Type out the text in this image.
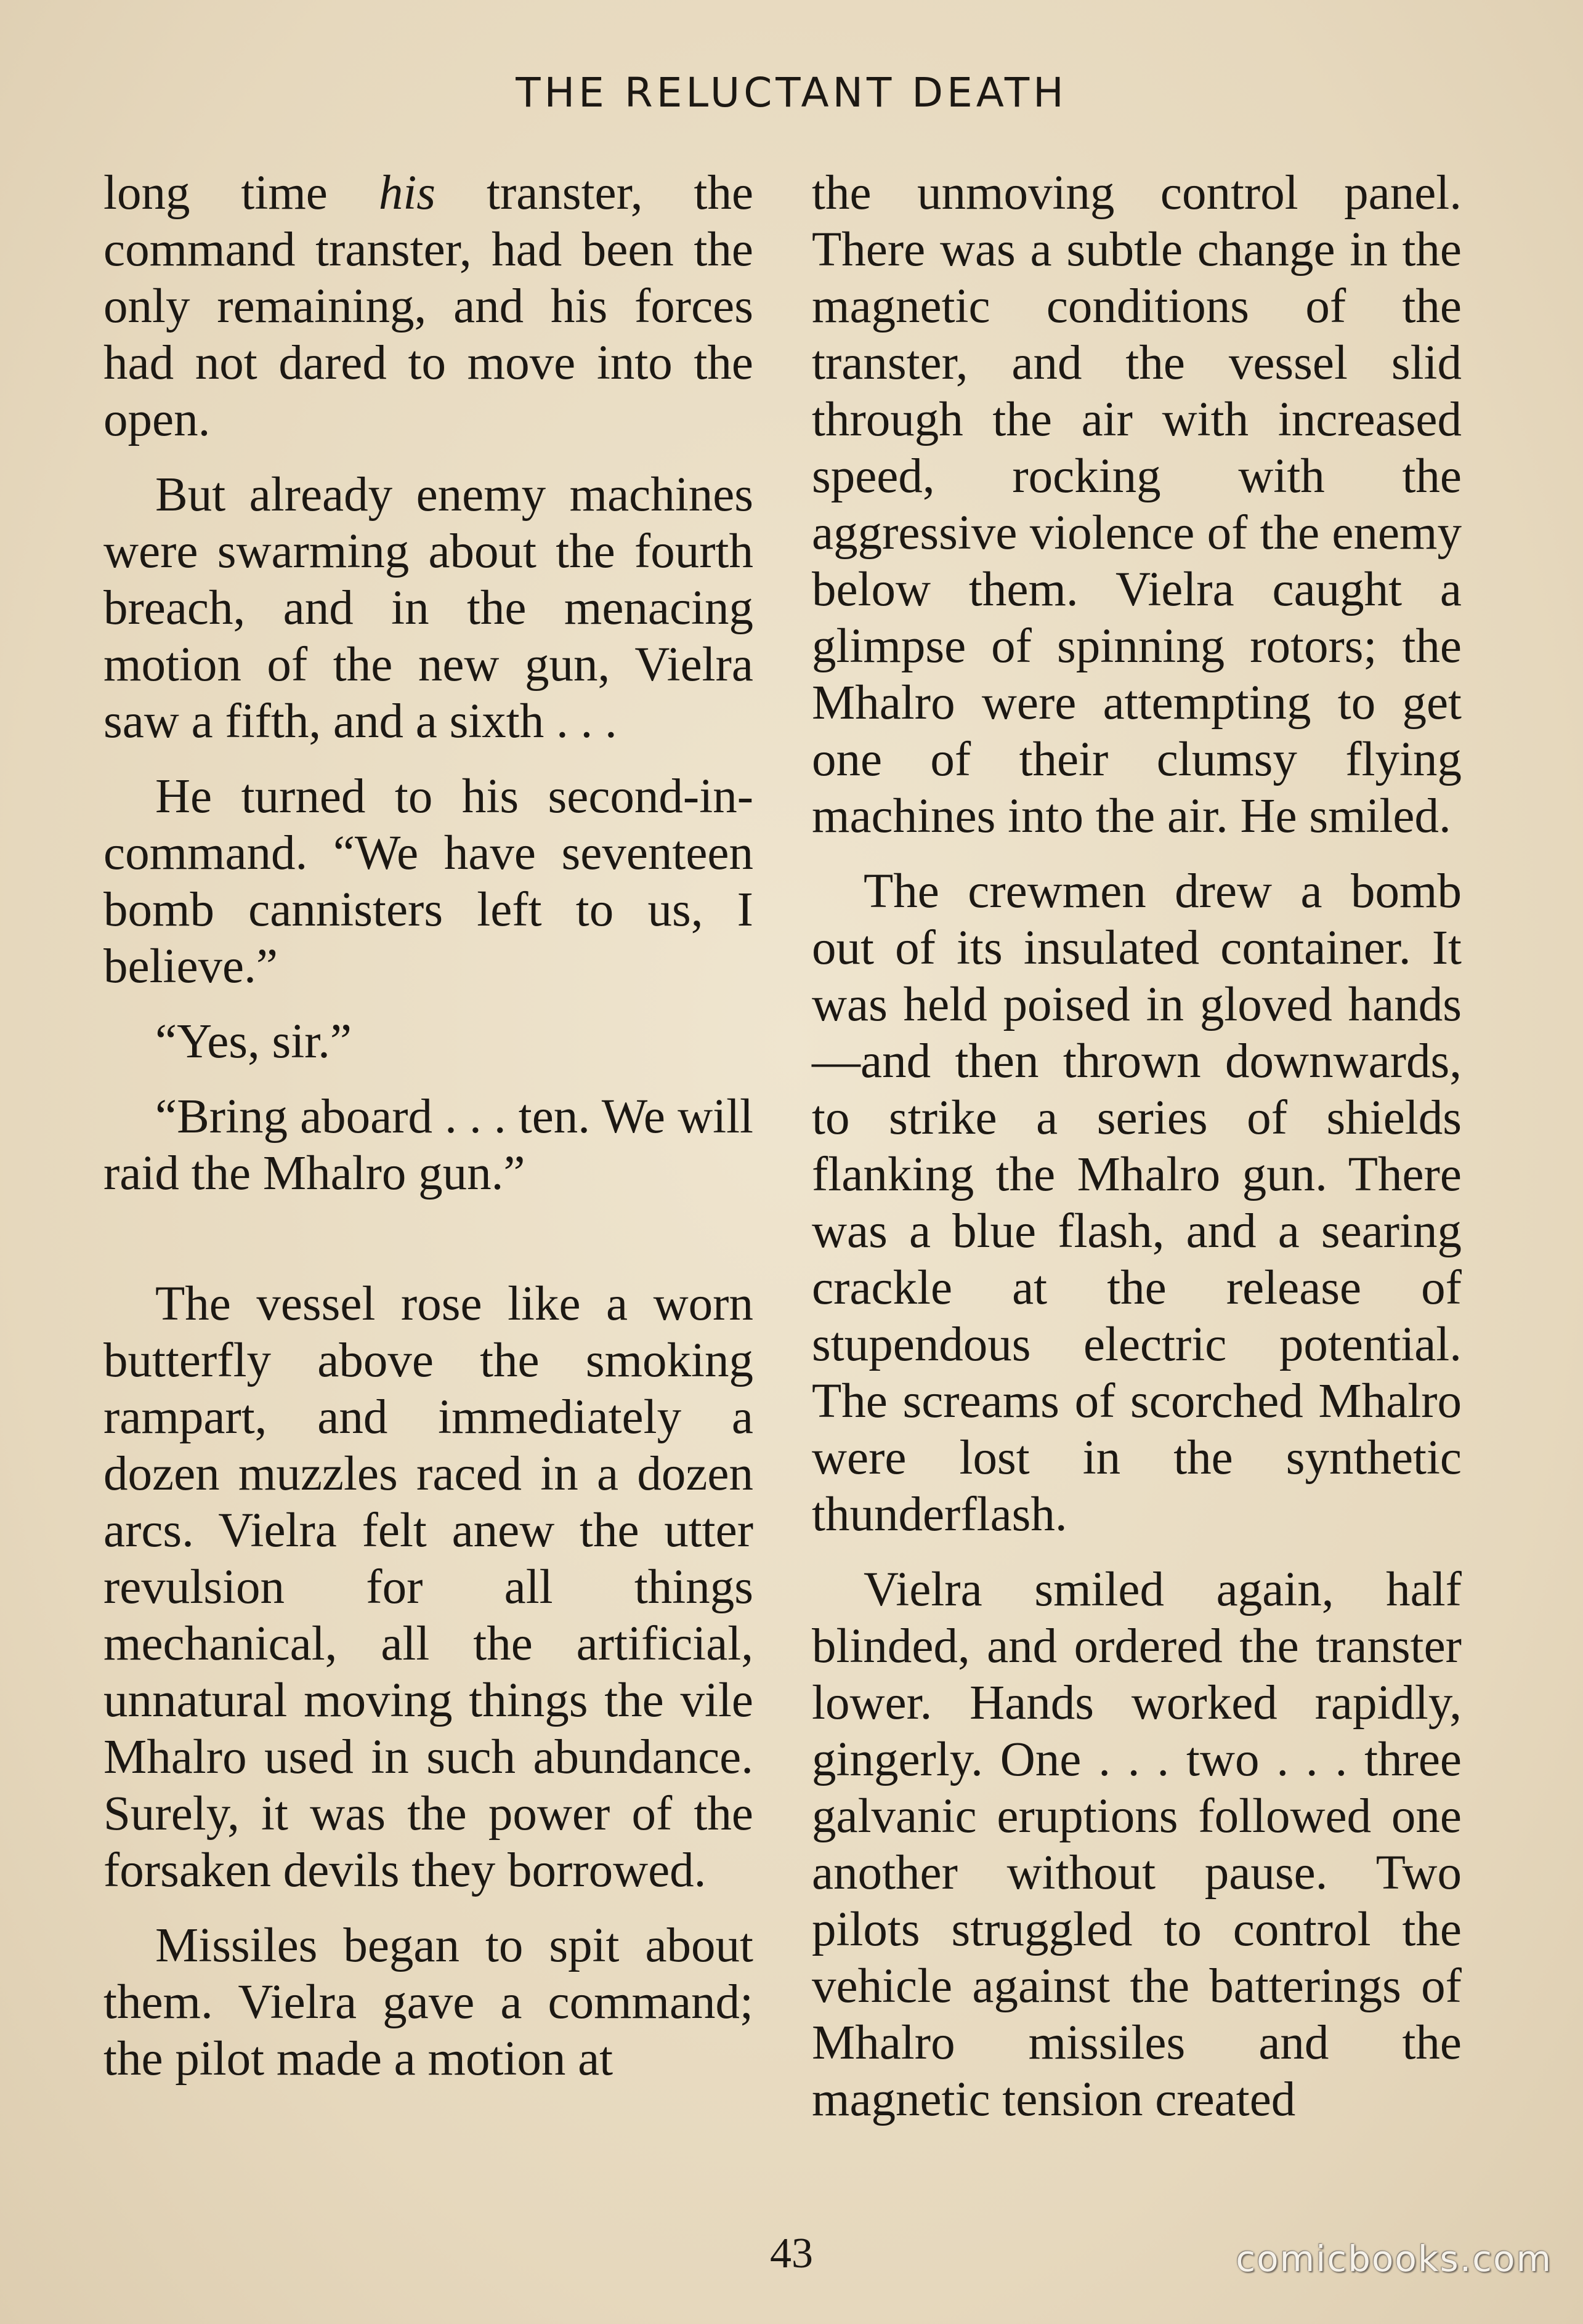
THE RELUCTANT DEATH

long time his transter, the command transter, had been the only remaining, and his forces had not dared to move into the open.

But already enemy machines were swarming about the fourth breach, and in the menacing motion of the new gun, Vielra saw a fifth, and a sixth . . .

He turned to his second-in-command. “We have seventeen bomb cannisters left to us, I believe.”

“Yes, sir.”

“Bring aboard . . . ten. We will raid the Mhalro gun.”

The vessel rose like a worn butterfly above the smoking rampart, and immediately a dozen muzzles raced in a dozen arcs. Vielra felt anew the utter revulsion for all things mechanical, all the artificial, unnatural moving things the vile Mhalro used in such abundance. Surely, it was the power of the forsaken devils they borrowed.

Missiles began to spit about them. Vielra gave a command; the pilot made a motion at

the unmoving control panel. There was a subtle change in the magnetic conditions of the transter, and the vessel slid through the air with increased speed, rocking with the aggressive violence of the enemy below them. Vielra caught a glimpse of spinning rotors; the Mhalro were attempting to get one of their clumsy flying machines into the air. He smiled.

The crewmen drew a bomb out of its insulated container. It was held poised in gloved hands—and then thrown downwards, to strike a series of shields flanking the Mhalro gun. There was a blue flash, and a searing crackle at the release of stupendous electric potential. The screams of scorched Mhalro were lost in the synthetic thunderflash.

Vielra smiled again, half blinded, and ordered the transter lower. Hands worked rapidly, gingerly. One . . . two . . . three galvanic eruptions followed one another without pause. Two pilots struggled to control the vehicle against the batterings of Mhalro missiles and the magnetic tension created

43	comicbooks.com
